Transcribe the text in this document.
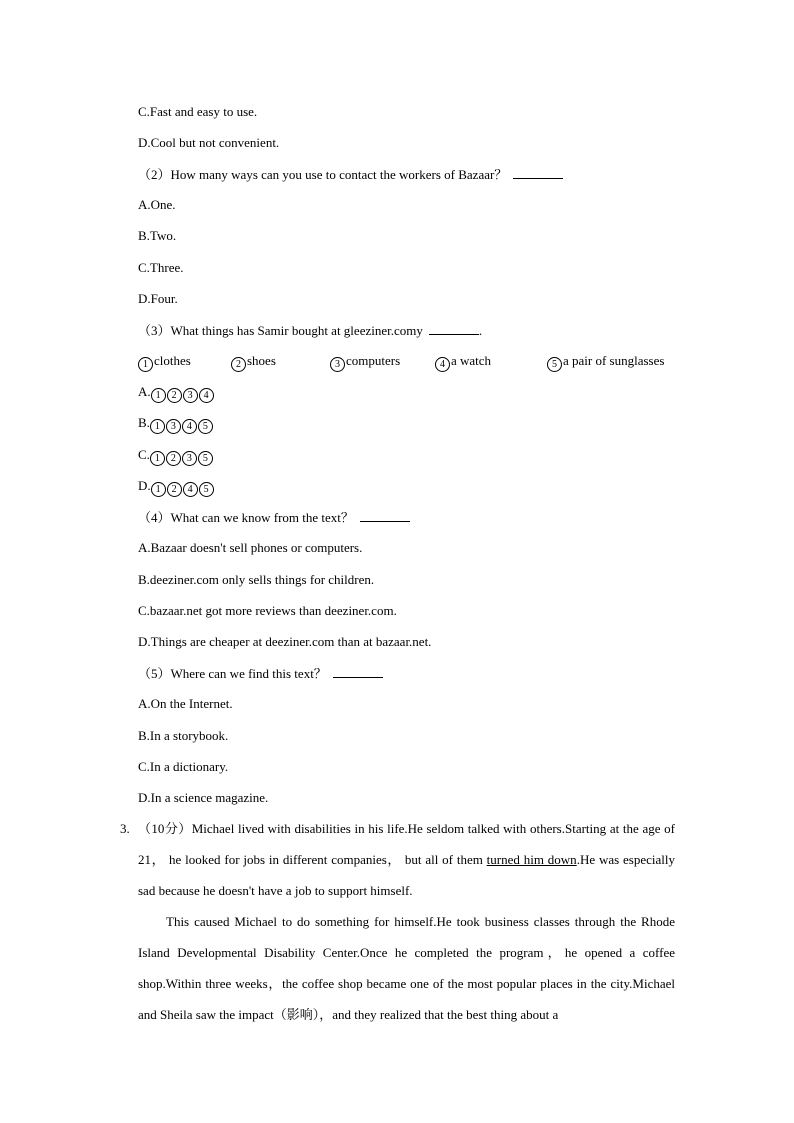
C.Fast and easy to use.
D.Cool but not convenient.
（2）How many ways can you use to contact the workers of Bazaar？
A.One.
B.Two.
C.Three.
D.Four.
（3）What things has Samir bought at gleeziner.comy	.
1 clothes	2 shoes	3 computers	4 a watch	5 a pair of sunglasses
A. 1 2 3 4
B. 1 3 4 5
C. 1 2 3 5
D. 1 2 4 5
（4）What can we know from the text？
A.Bazaar doesn't sell phones or computers.
B.deeziner.com only sells things for children.
C.bazaar.net got more reviews than deeziner.com.
D.Things are cheaper at deeziner.com than at bazaar.net.
（5）Where can we find this text？
A.On the Internet.
B.In a storybook.
C.In a dictionary.
D.In a science magazine.
3. （10分）Michael lived with disabilities in his life.He seldom talked with others.Starting at the age of 21， he looked for jobs in different companies， but all of them turned him down.He was especially sad because he doesn't have a job to support himself.

This caused Michael to do something for himself.He took business classes through the Rhode Island Developmental Disability Center.Once he completed the program，he opened a coffee shop.Within three weeks，the coffee shop became one of the most popular places in the city.Michael and Sheila saw the impact（影响），and they realized that the best thing about a
